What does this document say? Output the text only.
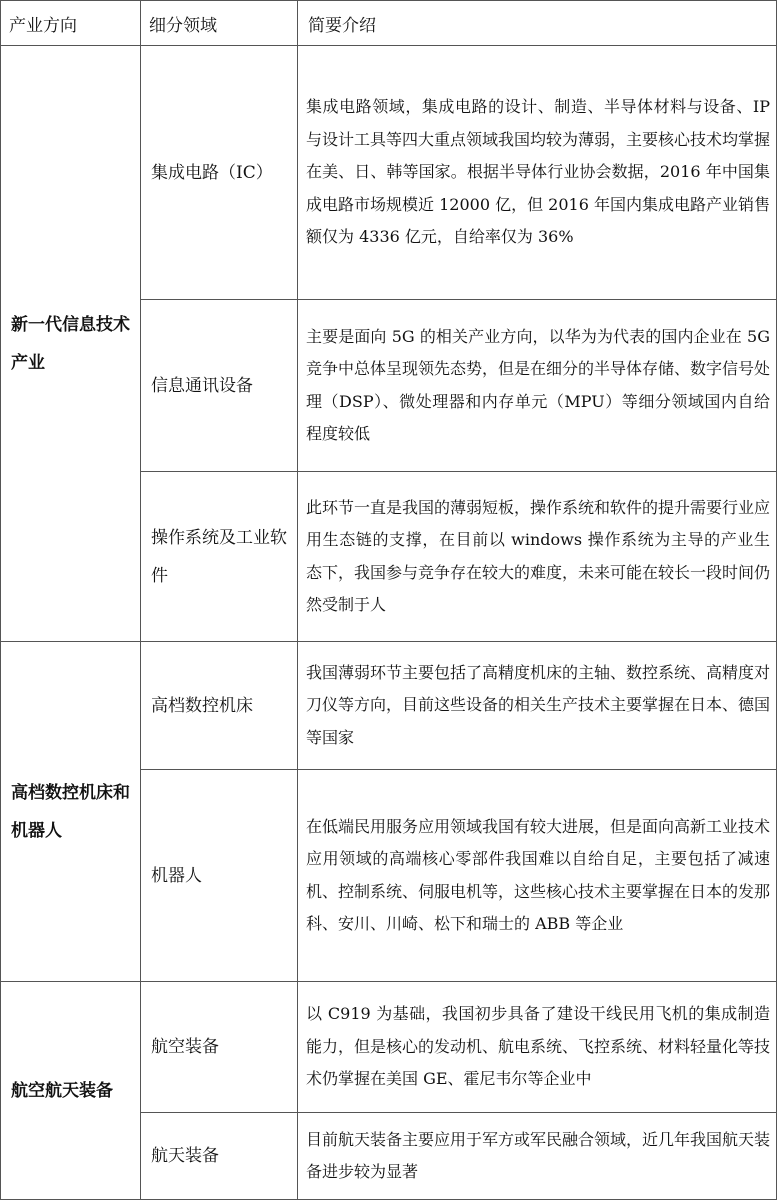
产业方向	细分领域	简要介绍
新一代信息技术产业	集成电路（IC）	集成电路领域，集成电路的设计、制造、半导体材料与设备、IP 与设计工具等四大重点领域我国均较为薄弱，主要核心技术均掌握在美、日、韩等国家。根据半导体行业协会数据，2016 年中国集成电路市场规模近 12000 亿，但 2016 年国内集成电路产业销售额仅为 4336 亿元，自给率仅为 36%
	信息通讯设备	主要是面向 5G 的相关产业方向，以华为为代表的国内企业在 5G 竞争中总体呈现领先态势，但是在细分的半导体存储、数字信号处理（DSP）、微处理器和内存单元（MPU）等细分领域国内自给程度较低
	操作系统及工业软件	此环节一直是我国的薄弱短板，操作系统和软件的提升需要行业应用生态链的支撑，在目前以 windows 操作系统为主导的产业生态下，我国参与竞争存在较大的难度，未来可能在较长一段时间仍然受制于人
高档数控机床和机器人	高档数控机床	我国薄弱环节主要包括了高精度机床的主轴、数控系统、高精度对刀仪等方向，目前这些设备的相关生产技术主要掌握在日本、德国等国家
	机器人	在低端民用服务应用领域我国有较大进展，但是面向高新工业技术应用领域的高端核心零部件我国难以自给自足，主要包括了减速机、控制系统、伺服电机等，这些核心技术主要掌握在日本的发那科、安川、川崎、松下和瑞士的 ABB 等企业
航空航天装备	航空装备	以 C919 为基础，我国初步具备了建设干线民用飞机的集成制造能力，但是核心的发动机、航电系统、飞控系统、材料轻量化等技术仍掌握在美国 GE、霍尼韦尔等企业中
	航天装备	目前航天装备主要应用于军方或军民融合领域，近几年我国航天装备进步较为显著
